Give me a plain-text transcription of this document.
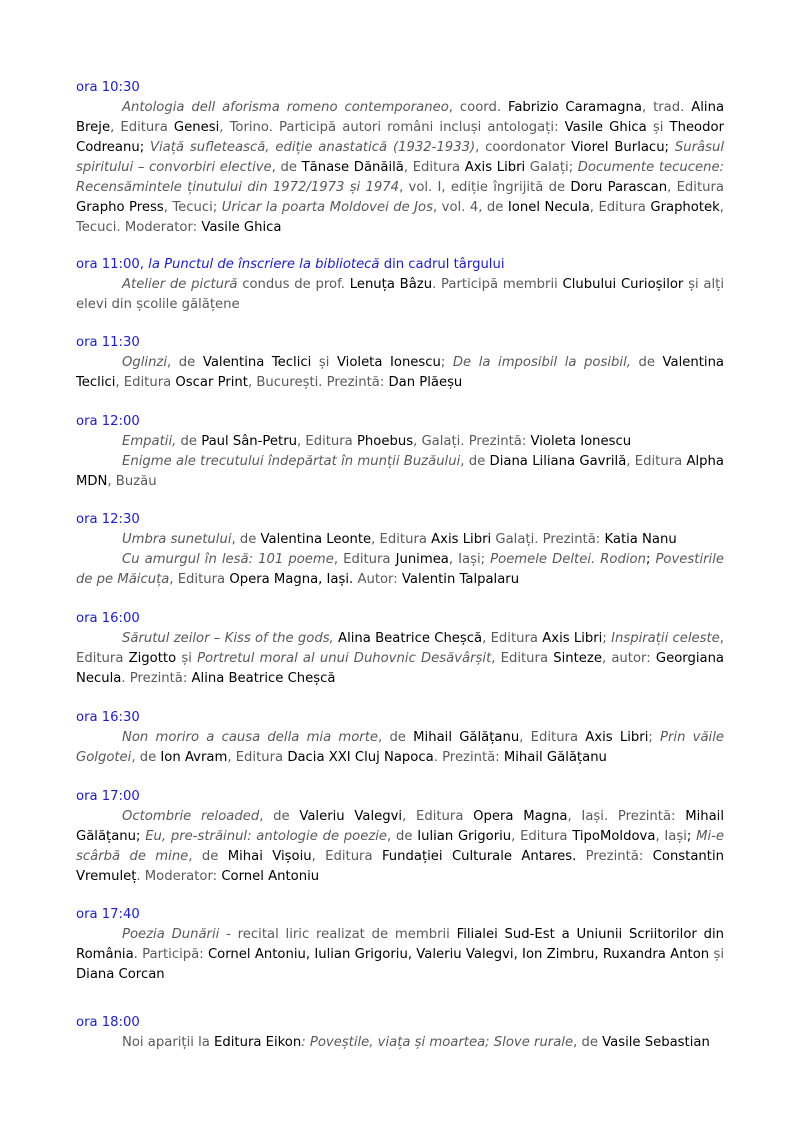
ora 10:30

Antologia dell aforisma romeno contemporaneo, coord. Fabrizio Caramagna, trad. Alina Breje, Editura Genesi, Torino. Participă autori români incluși antologați: Vasile Ghica și Theodor Codreanu; Viață sufletească, ediție anastatică (1932-1933), coordonator Viorel Burlacu; Surâsul spiritului – convorbiri elective, de Tănase Dănăilă, Editura Axis Libri Galați; Documente tecucene: Recensămintele ținutului din 1972/1973 și 1974, vol. I, ediție îngrijită de Doru Parascan, Editura Grapho Press, Tecuci; Uricar la poarta Moldovei de Jos, vol. 4, de Ionel Necula, Editura Graphotek, Tecuci. Moderator: Vasile Ghica

ora 11:00, la Punctul de înscriere la bibliotecă din cadrul târgului

Atelier de pictură condus de prof. Lenuța Bâzu. Participă membrii Clubului Curioșilor și alți elevi din școlile gălățene

ora 11:30

Oglinzi, de Valentina Teclici și Violeta Ionescu; De la imposibil la posibil, de Valentina Teclici, Editura Oscar Print, București. Prezintă: Dan Plăeșu

ora 12:00

Empatii, de Paul Sân-Petru, Editura Phoebus, Galați. Prezintă: Violeta Ionescu

Enigme ale trecutului îndepărtat în munții Buzăului, de Diana Liliana Gavrilă, Editura Alpha MDN, Buzău

ora 12:30

Umbra sunetului, de Valentina Leonte, Editura Axis Libri Galați. Prezintă: Katia Nanu

Cu amurgul în lesă: 101 poeme, Editura Junimea, Iași; Poemele Deltei. Rodion; Povestirile de pe Măicuța, Editura Opera Magna, Iași. Autor: Valentin Talpalaru

ora 16:00

Sărutul zeilor – Kiss of the gods, Alina Beatrice Cheșcă, Editura Axis Libri; Inspirații celeste, Editura Zigotto și Portretul moral al unui Duhovnic Desăvârșit, Editura Sinteze, autor: Georgiana Necula. Prezintă: Alina Beatrice Cheșcă

ora 16:30

Non moriro a causa della mia morte, de Mihail Gălățanu, Editura Axis Libri; Prin văile Golgotei, de Ion Avram, Editura Dacia XXI Cluj Napoca. Prezintă: Mihail Gălățanu

ora 17:00

Octombrie reloaded, de Valeriu Valegvi, Editura Opera Magna, Iași. Prezintă: Mihail Gălățanu; Eu, pre-străinul: antologie de poezie, de Iulian Grigoriu, Editura TipoMoldova, Iași; Mi-e scârbă de mine, de Mihai Vișoiu, Editura Fundației Culturale Antares. Prezintă: Constantin Vremuleț. Moderator: Cornel Antoniu

ora 17:40

Poezia Dunării - recital liric realizat de membrii Filialei Sud-Est a Uniunii Scriitorilor din România. Participă: Cornel Antoniu, Iulian Grigoriu, Valeriu Valegvi, Ion Zimbru, Ruxandra Anton și Diana Corcan

ora 18:00

Noi apariții la Editura Eikon: Poveștile, viața și moartea; Slove rurale, de Vasile Sebastian
